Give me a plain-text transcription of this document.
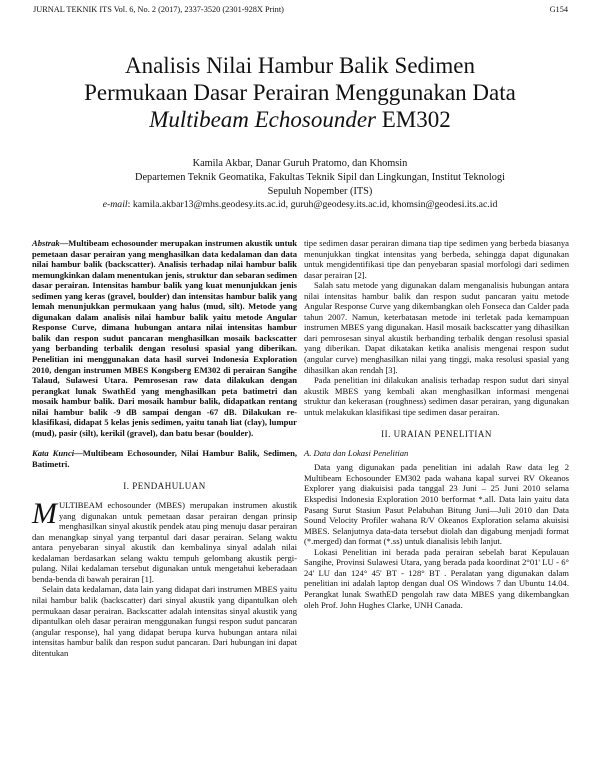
JURNAL TEKNIK ITS Vol. 6, No. 2 (2017), 2337-3520 (2301-928X Print)	G154
Analisis Nilai Hambur Balik Sedimen
Permukaan Dasar Perairan Menggunakan Data
Multibeam Echosounder EM302
Kamila Akbar, Danar Guruh Pratomo, dan Khomsin
Departemen Teknik Geomatika, Fakultas Teknik Sipil dan Lingkungan, Institut Teknologi Sepuluh Nopember (ITS)
e-mail: kamila.akbar13@mhs.geodesy.its.ac.id, guruh@geodesy.its.ac.id, khomsin@geodesi.its.ac.id
Abstrak—Multibeam echosounder merupakan instrumen akustik untuk pemetaan dasar perairan yang menghasilkan data kedalaman dan data nilai hambur balik (backscatter). Analisis terhadap nilai hambur balik memungkinkan dalam menentukan jenis, struktur dan sebaran sedimen dasar perairan. Intensitas hambur balik yang kuat menunjukkan jenis sedimen yang keras (gravel, boulder) dan intensitas hambur balik yang lemah menunjukkan permukaan yang halus (mud, silt). Metode yang digunakan dalam analisis nilai hambur balik yaitu metode Angular Response Curve, dimana hubungan antara nilai intensitas hambur balik dan respon sudut pancaran menghasilkan mosaik backscatter yang berbanding terbalik dengan resolusi spasial yang diberikan. Penelitian ini menggunakan data hasil survei Indonesia Exploration 2010, dengan instrumen MBES Kongsberg EM302 di perairan Sangihe Talaud, Sulawesi Utara. Pemrosesan raw data dilakukan dengan perangkat lunak SwathEd yang menghasilkan peta batimetri dan mosaik hambur balik. Dari mosaik hambur balik, didapatkan rentang nilai hambur balik -9 dB sampai dengan -67 dB. Dilakukan re-klasifikasi, didapat 5 kelas jenis sedimen, yaitu tanah liat (clay), lumpur (mud), pasir (silt), kerikil (gravel), dan batu besar (boulder).
Kata Kunci—Multibeam Echosounder, Nilai Hambur Balik, Sedimen, Batimetri.
I. PENDAHULUAN

MULTIBEAM echosounder (MBES) merupakan instrumen akustik yang digunakan untuk pemetaan dasar perairan dengan prinsip menghasilkan sinyal akustik pendek atau ping menuju dasar perairan dan menangkap sinyal yang terpantul dari dasar perairan. Selang waktu antara penyebaran sinyal akustik dan kembalinya sinyal adalah nilai kedalaman berdasarkan selang waktu tempuh gelombang akustik pergi-pulang. Nilai kedalaman tersebut digunakan untuk mengetahui keberadaan benda-benda di bawah perairan [1].

Selain data kedalaman, data lain yang didapat dari instrumen MBES yaitu nilai hambur balik (backscatter) dari sinyal akustik yang dipantulkan oleh permukaan dasar perairan. Backscatter adalah intensitas sinyal akustik yang dipantulkan oleh dasar perairan menggunakan fungsi respon sudut pancaran (angular response), hal yang didapat berupa kurva hubungan antara nilai intensitas hambur balik dan respon sudut pancaran. Dari hubungan ini dapat ditentukan

tipe sedimen dasar perairan dimana tiap tipe sedimen yang berbeda biasanya menunjukkan tingkat intensitas yang berbeda, sehingga dapat digunakan untuk mengidentifikasi tipe dan penyebaran spasial morfologi dari sedimen dasar perairan [2].

Salah satu metode yang digunakan dalam menganalisis hubungan antara nilai intensitas hambur balik dan respon sudut pancaran yaitu metode Angular Response Curve yang dikembangkan oleh Fonseca dan Calder pada tahun 2007. Namun, keterbatasan metode ini terletak pada kemampuan instrumen MBES yang digunakan. Hasil mosaik backscatter yang dihasilkan dari pemrosesan sinyal akustik berbanding terbalik dengan resolusi spasial yang diberikan. Dapat dikatakan ketika analisis mengenai respon sudut (angular curve) menghasilkan nilai yang tinggi, maka resolusi spasial yang dihasilkan akan rendah [3].

Pada penelitian ini dilakukan analisis terhadap respon sudut dari sinyal akustik MBES yang kembali akan menghasilkan informasi mengenai struktur dan kekerasan (roughness) sedimen dasar perairan, yang digunakan untuk melakukan klasifikasi tipe sedimen dasar perairan.

II. URAIAN PENELITIAN
A. Data dan Lokasi Penelitian

Data yang digunakan pada penelitian ini adalah Raw data leg 2 Multibeam Echosounder EM302 pada wahana kapal survei RV Okeanos Explorer yang diakuisisi pada tanggal 23 Juni – 25 Juni 2010 selama Ekspedisi Indonesia Exploration 2010 berformat *.all. Data lain yaitu data Pasang Surut Stasiun Pasut Pelabuhan Bitung Juni—Juli 2010 dan Data Sound Velocity Profiler wahana R/V Okeanos Exploration selama akuisisi MBES. Selanjutnya data-data tersebut diolah dan digabung menjadi format (*.merged) dan format (*.ss) untuk dianalisis lebih lanjut.

Lokasi Penelitian ini berada pada perairan sebelah barat Kepulauan Sangihe, Provinsi Sulawesi Utara, yang berada pada koordinat 2°01' LU - 6° 24' LU dan 124° 45' BT - 128° BT . Peralatan yang digunakan dalam penelitian ini adalah laptop dengan dual OS Windows 7 dan Ubuntu 14.04. Perangkat lunak SwathED pengolah raw data MBES yang dikembangkan oleh Prof. John Hughes Clarke, UNH Canada.
